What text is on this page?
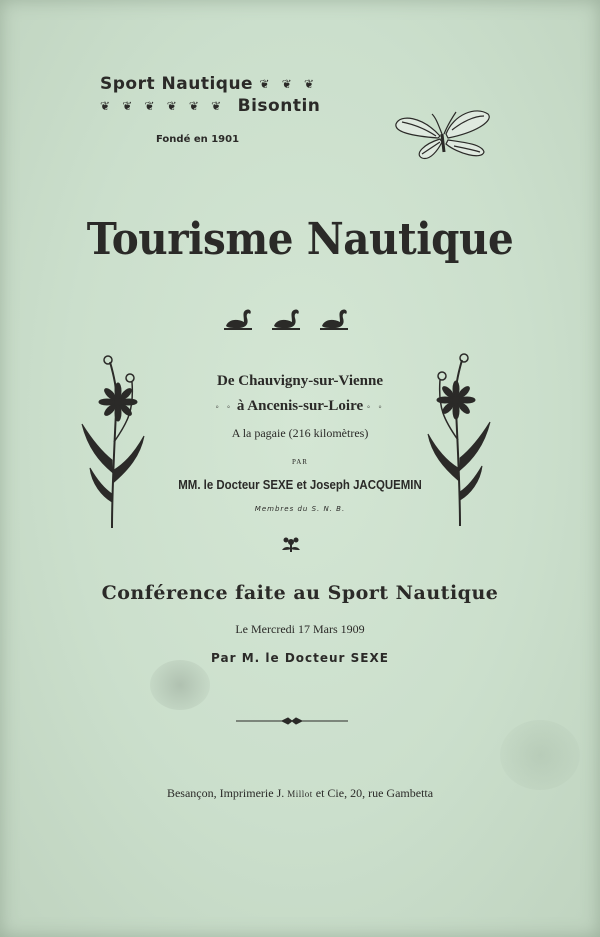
Sport Nautique ❦ ❦ ❦
❦ ❦ ❦ ❦ ❦ ❦ Bisontin
Fondé en 1901
Tourisme Nautique
De Chauvigny-sur-Vienne
◦ ◦ à Ancenis-sur-Loire ◦ ◦
A la pagaie (216 kilomètres)
PAR
MM. le Docteur SEXE et Joseph JACQUEMIN
Membres du S. N. B.
Conférence faite au Sport Nautique
Le Mercredi 17 Mars 1909
Par M. le Docteur SEXE
Besançon, Imprimerie J. Millot et Cie, 20, rue Gambetta
